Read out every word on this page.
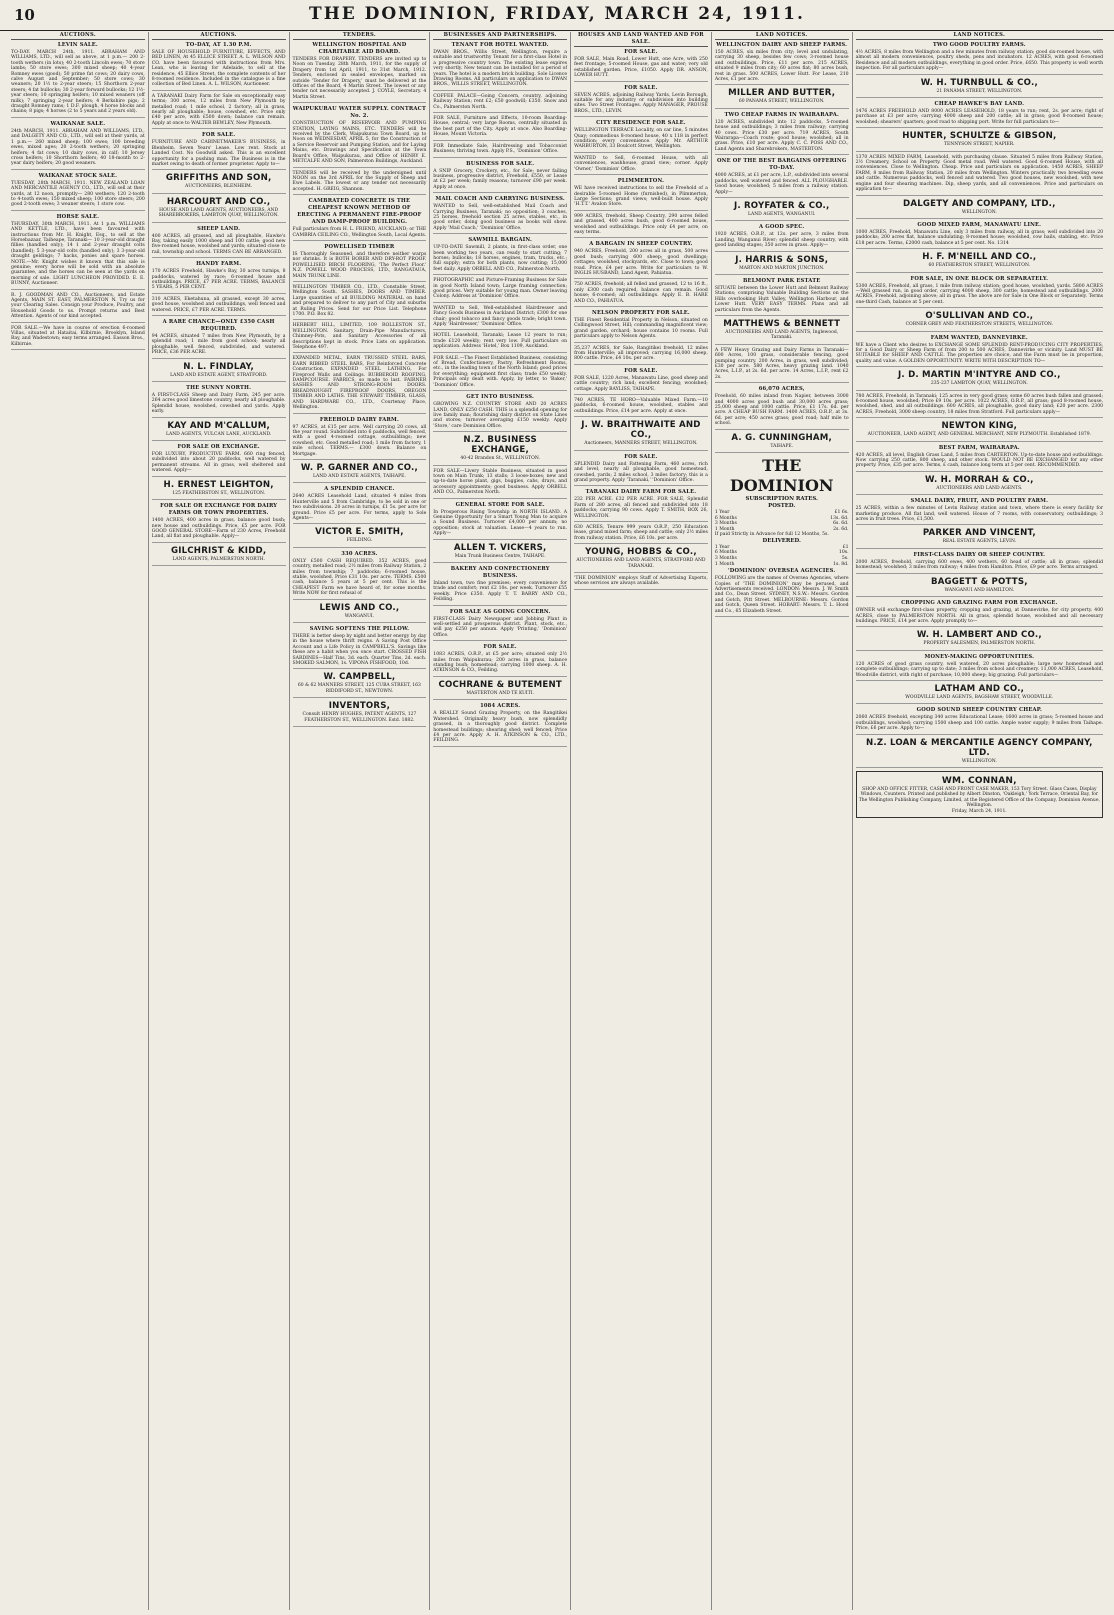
10	THE DOMINION, FRIDAY, MARCH 24, 1911.
AUCTIONS.
LEVIN SALE.

TO-DAY. MARCH 24th, 1911. ABRAHAM AND WILLIAMS, LTD., will sell as above, at 1 p.m.— 200 2-tooth wethers (in lots); 40 2-tooth Lincoln ewes; 70 store lambs; 50 store ewes; 300 mixed sheep; 40 4-year Romney ewes (good); 50 prime fat cows; 20 dairy cows, calve August and September; 50 store cows; 30 weaners; 20 1½ to 2-year steers; 15 Shorthorn 2-year steers; 4 fat bullocks; 30 2-year forward bullocks; 12 1½-year steers; 10 springing heifers; 10 mixed weaners (off milk); 7 springing 2-year heifers; 4 Berkshire pigs; 2 draught Romney rams; 1 D.F. plough, 4 horse blocks and chains; 8 pigs; 4 horses (2 to 5 years and 2 years old).

WAIKANAE SALE.

24th MARCH, 1911. ABRAHAM AND WILLIAMS, LTD., and DALGETY AND CO., LTD., will sell at their yards, at 1 p.m.— 260 mixed sheep; 100 ewes; 100 breeding ewes, mixed ages; 20 2-tooth wethers; 20 springing heifers; 4 fat cows; 10 dairy cows, in calf; 10 Jersey cross heifers; 10 Shorthorn heifers; 40 18-month to 2-year dairy heifers; 20 good weaners.

WAIKANAE STOCK SALE.

TUESDAY, 28th MARCH, 1911. NEW ZEALAND LOAN AND MERCANTILE AGENCY CO., LTD., will sell at their yards, at 12 noon, promptly— 280 wethers; 120 2-tooth to 4-tooth ewes; 150 mixed sheep; 100 store steers; 200 good 2-tooth ewes; 3 weaner steers; 1 store cow.

HORSE SALE.

THURSDAY, 30th MARCH, 1911. At 1 p.m. WILLIAMS AND KETTLE, LTD., have been favoured with instructions from Mr. H. Knight, Esq., to sell at the Horsebazaar, Taiheape, Taranaki— 10 3-year-old draught fillies (handled only); 14 1 and 2-year draught colts (handled); 5 3-year-old colts (handled only); 3 3-year-old draught geldings; 7 hacks, ponies and spare horses. NOTE.—Mr. Knight wishes it known that this sale is genuine; every horse will be sold with an absolute guarantee, and the horses can be seen at the yards on morning of sale. LIGHT LUNCHEON PROVIDED. E. E. BUNNY, Auctioneer.

R. J. GOODMAN AND CO., Auctioneers, and Estate Agents, MAIN ST. EAST, PALMERSTON N. Try us for your Clearing Sales. Consign your Produce, Poultry, and Household Goods to us. Prompt returns and Best Attention. Agents of our kind accepted.

FOR SALE.—We have in course of erection 6-roomed Villas, situated at Hataitai, Kilbirnie, Brooklyn, Island Bay, and Wadestown; easy terms arranged. Easson Bros., Kilbirnie.

AUCTIONS.
TO-DAY, AT 1.30 P.M.

SALE OF HOUSEHOLD FURNITURE, EFFECTS, AND BED LINEN, At 45 ELLICE STREET. A. L. WILSON AND CO. have been favoured with instructions from Mrs. Lean, who is leaving for Adelaide, to sell at the residence, 45 Ellice Street, the complete contents of her 8-roomed residence. Included in the catalogue is a fine collection of Bed Linen. A. L. WILSON, Auctioneer.

A TARANAKI Dairy Farm for Sale on exceptionally easy terms; 300 acres, 12 miles from New Plymouth by metalled road; 1 mile school, 2 factory; all in grass, nearly all ploughable; house, cowshed, etc. Price only £40 per acre, with £500 down; balance can remain. Apply at once to WALTER BEWLEY, New Plymouth.

FOR SALE.

FURNITURE AND CABINETMAKER'S BUSINESS, in Blenheim. Seven Years' Lease. Low rent. Stock at Landed Cost. No Goodwill asked. This is an excellent opportunity for a pushing man. The Business is in the market owing to death of former proprietor. Apply to—

GRIFFITHS AND SON,
AUCTIONEERS, BLENHEIM.
HARCOURT AND CO.,
HOUSE AND LAND AGENTS, AUCTIONEERS, AND SHAREBROKERS, LAMBTON QUAY, WELLINGTON.
SHEEP LAND.

400 ACRES, all grassed, and all ploughable, Hawke's Bay, taking easily 1000 sheep and 100 cattle; good new five-roomed house, woolshed and yards; situated close to rail, township and school. TERMS CAN BE ARRANGED.

HANDY FARM.

170 ACRES Freehold, Hawke's Bay, 30 acres turnips, 8 paddocks, watered by race; 6-roomed house and outbuildings. PRICE, £7 PER ACRE. TERMS, BALANCE 5 YEARS, 5 PER CENT.

310 ACRES, Eketahuna, all grassed, except 30 acres, good house, woolshed and outbuildings, well fenced and watered. PRICE, £7 PER ACRE. TERMS.

A RARE CHANCE—ONLY £350 CASH REQUIRED.

94 ACRES, situated 7 miles from New Plymouth, by a splendid road; 1 mile from good school; nearly all ploughable, well fenced, subdivided, and watered. PRICE, £36 PER ACRE.

N. L. FINDLAY,
LAND AND ESTATE AGENT, STRATFORD.
THE SUNNY NORTH.

A FIRST-CLASS Sheep and Dairy Farm, 245 per acre. 264 acres good limestone country, nearly all ploughable. Splendid house, woolshed, cowshed and yards. Apply early.

KAY AND M'CALLUM,
LAND AGENTS, VULCAN LANE, AUCKLAND.
FOR SALE OR EXCHANGE.

FOR LUXURY, PRODUCTIVE FARM. 660 ring fenced, subdivided into about 20 paddocks, well watered by permanent streams. All in grass, well sheltered and watered. Apply—

H. ERNEST LEIGHTON,
125 FEATHERSTON ST., WELLINGTON.
FOR SALE OR EXCHANGE FOR DAIRY FARMS OR TOWN PROPERTIES.

1400 ACRES, 400 acres in grass, balance good bush; new house and outbuildings. Price, £5 per acre. FOR GOOD GENERAL STORE—Farm of 230 Acres, Freehold Land, all flat and ploughable. Apply—

GILCHRIST & KIDD,
LAND AGENTS, PALMERSTON NORTH.
TENDERS.
WELLINGTON HOSPITAL AND CHARITABLE AID BOARD.

TENDERS FOR DRAPERY. TENDERS are invited up to Noon on Tuesday, 28th March, 1911, for the supply of Drapery from 1st April, 1911, to 31st March, 1912. Tenders, enclosed in sealed envelopes, marked on outside 'Tender for Drapery,' must be delivered at the Offices of the Board, 4 Martin Street. The lowest or any tender not necessarily accepted. J. COYLE, Secretary. 4 Martin Street.

WAIPUKURAU WATER SUPPLY. CONTRACT No. 2.

CONSTRUCTION OF RESERVOIR AND PUMPING STATION, LAYING MAINS, ETC. TENDERS will be received by the Clerk, Waipukurau Town Board, up to Noon on WEDNESDAY, APRIL 5, for the Construction of a Service Reservoir and Pumping Station, and for Laying Mains, etc. Drawings and Specification at the Town Board's Office, Waipukurau, and Office of HENRY E. METCALFE AND SON, Palmerston Buildings, Auckland.

TENDERS will be received by the undersigned until NOON on the 3rd APRIL for the Supply of Sheep and Ewe Labels. The lowest or any tender not necessarily accepted. H. GREIG, Shannon.

CAMBRATED CONCRETE IS THE CHEAPEST KNOWN METHOD OF ERECTING A PERMANENT FIRE-PROOF AND DAMP-PROOF BUILDING.

Full particulars from H. L. FRIEND, AUCKLAND; or THE CAMBRIA CEILING CO., Wellington South, Local Agents.

POWELLISED TIMBER

IS Thoroughly Seasoned, and therefore neither warps nor shrinks. It is BOTH BORER AND DRY-ROT PROOF. POWELLISED BIRCH FLOORING, 'The Perfect Floor.' N.Z. POWELL WOOD PROCESS, LTD., RANGATAUA, MAIN TRUNK LINE.

WELLINGTON TIMBER CO., LTD., Constable Street, Wellington South. SASHES, DOORS AND TIMBER. Large quantities of all BUILDING MATERIAL on hand and prepared to deliver to any part of City and suburbs at Ruling Prices. Send for our Price List. Telephone 1700. P.O. Box 82.

HERBERT HILL, LIMITED, 109 ROLLESTON ST., WELLINGTON. Sanitary, Drain-Pipe Manufacturers, Chimney-Pots, and Sanitary Accessories of all descriptions kept in stock. Price Lists on application. Telephone 497.

EXPANDED METAL, EARN TRUSSED STEEL BARS, EARN RIBBED STEEL BARS, For Reinforced Concrete Construction, EXPANDED STEEL LATHING, For Fireproof Walls and Ceilings. RUBBEROID ROOFING, DAMPCOURSE. FABRICS, so made to last. FAIRNER SASHES AND STRONG-ROOM DOORS. BREADNOUGHT FIREPROOF DOORS, OREGON TIMBER AND LATHS. THE STEWART TIMBER, GLASS, AND HARDWARE CO., LTD., Courtenay Place, Wellington.

FREEHOLD DAIRY FARM.

97 ACRES, at £15 per acre. Well carrying 20 cows, all the year round. Subdivided into 6 paddocks, well fenced, with a good 4-roomed cottage, outbuildings; new cowshed, etc. Good metalled road; 1 mile from factory, 1 mile school. TERMS.— £300 down. Balance on Mortgage.

W. P. GARNER AND CO.,
LAND AND ESTATE AGENTS, TAIHAPE.
A SPLENDID CHANCE.

2640 ACRES Leasehold Land, situated 4 miles from Hunterville and 5 from Cambridge, to be sold in one or two subdivisions. 20 acres in turnips, £1 5s. per acre for ground. Price £5 per acre. For terms, apply to Sole Agents—

VICTOR E. SMITH,
FEILDING.
330 ACRES.

ONLY £500 CASH REQUIRED. 352 ACRES, good country, metalled road; 2½ miles from Railway Station, 2 miles from township; 7 paddocks; 6-roomed house, stable, woolshed. Price £31 10s. per acre. TERMS. £500 cash, balance 5 years at 5 per cent. This is the CHEAPEST Farm we have heard of, for some months. Write NOW for first refusal of

LEWIS AND CO.,
WANGANUI.
SAVING SOFTENS THE PILLOW.

THERE is better sleep by night and better energy by day in the house where thrift reigns. A Saving Post Office Account and a Life Policy in CAMPBELL'S. Savings like these are a habit when you once start. CROSSED FISH SARDINES—Half Tins, 3d. each. Quarter Tins, 2d. each. SMOKED SALMON, 1s. VIPONA FISHFOOD, 10d.

W. CAMPBELL,
60 & 62 MANNERS STREET, 125 CUBA STREET, 163 RIDDIFORD ST., NEWTOWN.
INVENTORS,
Consult HENRY HUGHES, PATENT AGENTS, 127 FEATHERSTON ST., WELLINGTON. Estd. 1882.
BUSINESSES AND PARTNERSHIPS.
TENANT FOR HOTEL WANTED.

DWAN BROS., Willis Street, Wellington, require a suitable and trustworthy Tenant for a first-class Hotel in a progressive country town. The existing lease expires very shortly. New tenant can be installed for a period of years. The hotel is a modern brick building. Sole Licence Drawing Rooms. All particulars on application to DWAN BROS., WILLIS STREET, WELLINGTON.

COFFEE PALACE—Going Concern, country, adjoining Railway Station; rent £2; £50 goodwill; £350. Snow and Co., Palmerston North.

FOR SALE, Furniture and Effects, 10-room Boarding-House, central; very large Rooms, centrally situated in the best part of the City. Apply at once. Also Boarding-House, Mount Victoria.

FOR Immediate Sale, Hairdressing and Tobacconist Business; thriving town. Apply P.S., 'Dominion' Office.

BUSINESS FOR SALE.

A SNIP Grocery, Crockery, etc., for Sale; never failing business, progressive district, Freehold, £550, or Lease at £2 per week; family reasons; turnover £90 per week. Apply at once.

MAIL COACH AND CARRYING BUSINESS.

WANTED to Sell, well-established Mail Coach and Carrying Business, Taranaki; no opposition; 3 coaches, 25 horses, freehold section 25 acres, stables, etc., in good order, doing good business as books will show. Apply 'Mail Coach,' 'Dominion' Office.

SAWMILL BARGAIN.

UP-TO-DATE Sawmill, 2 plants, in first-class order, one been working two years, can ready to start cutting; 7 horses; bullocks; 18 horses, engines, tram, trucks, etc.; full supply; extra for both plants, now cutting; 15,000 feet daily. Apply ORBELL AND CO., Palmerston North.

PHOTOGRAPHIC and Picture-Framing Business for Sale in good North Island town; Large framing connection; good prices. Very suitable for young man. Owner leaving Colony. Address at 'Dominion' Office.

WANTED to Sell, Well-established Hairdresser and Fancy Goods Business in Auckland District; £300 for one chair; good tobacco and fancy goods trade; bright town. Apply 'Hairdresser,' 'Dominion' Office.

HOTEL Leasehold, Taranaki; Lease 12 years to run; trade £120 weekly; rent very low. Full particulars on application. Address 'Hotel,' Box 1109, Auckland.

FOR SALE.—The Finest Established Business, consisting of Bread, Confectionery, Pastry, Refreshment Rooms, etc., in the leading town of the North Island; good prices for everything; equipment first class; trade £50 weekly. Principals only dealt with. Apply, by letter, to 'Baker,' 'Dominion' Office.

GET INTO BUSINESS.

GROWING N.Z. COUNTRY STORE AND 20 ACRES LAND, ONLY £250 CASH. THIS is a splendid opening for live family man; flourishing dairy district on State Lines and stores; turnover averaging £150 weekly. Apply 'Store,' care Dominion Office.

N.Z. BUSINESS EXCHANGE,
40-42 Brandon St., WELLINGTON.

FOR SALE—Livery Stable Business, situated in good town on Main Trunk; 13 stalls; 3 loose-boxes; new and up-to-date horse plant, gigs, buggies, cabs, drays, and accessory appointments; good business. Apply ORBELL AND CO., Palmerston North.

GENERAL STORE FOR SALE.

In Prosperous Rising Township in NORTH ISLAND. A Genuine Opportunity for a Smart Young Man to acquire a Sound Business. Turnover £4,000 per annum; no opposition; stock at valuation. Lease—4 years to run. Apply—

ALLEN T. VICKERS,
Main Trunk Business Centre, TAIHAPE.
BAKERY AND CONFECTIONERY BUSINESS.

Inland town, two fine premises; every convenience for trade and comfort; rent £2 10s. per week. Turnover £55 weekly. Price £350. Apply T. T. BARRY AND CO., Feilding.

FOR SALE AS GOING CONCERN.

FIRST-CLASS Dairy Newspaper and Jobbing Plant in well-settled and prosperous district. Plant, stock, etc., will pay £250 per annum. Apply 'Printing,' 'Dominion' Office.

FOR SALE.

1083 ACRES, O.R.P., at £5 per acre; situated only 2½ miles from Waipukurau; 200 acres in grass, balance standing bush; homestead; carrying 1000 sheep. A. H. ATKINSON & CO., Feilding.

COCHRANE & BUTEMENT
MASTERTON AND TE KUITI.
1084 ACRES.

A REALLY Sound Grazing Property, on the Rangitikei Watershed. Originally heavy bush, now splendidly grassed, in a thoroughly good district. Complete homestead buildings; shearing shed; well fenced; Price £4 per acre. Apply A. H. ATKINSON & CO., LTD., FEILDING.

HOUSES AND LAND WANTED AND FOR SALE.
FOR SALE.

FOR SALE, Main Road, Lower Hutt, one Acre, with 250 feet frontage; 5-roomed House, gas and water; very old established garden. Price, £1050. Apply DR. ANSON, LOWER HUTT.

FOR SALE.

SEVEN ACRES, adjoining Railway Yards, Levin Borough, suitable for any industry or subdivision into building sites. Two Street Frontages. Apply MANAGER, PROUSE BROS., LTD., LEVIN.

CITY RESIDENCE FOR SALE.

WELLINGTON TERRACE Locality, on car line, 5 minutes Quay; commodious 8-roomed house, 40 x 118 in perfect condition; every convenience. Apply Mr. ARTHUR WARBURTON, 33 Boulcott Street, Wellington.

WANTED to Sell, 6-roomed House, with all conveniences, washhouse, grand view; corner. Apply 'Owner,' 'Dominion' Office.

PLIMMERTON.

WE have received instructions to sell the Freehold of a desirable 5-roomed Home (furnished), in Plimmerton, Large Sections; grand views; well-built house. Apply 'H.T.T.' Avalon Store.

999 ACRES, freehold, Sheep Country, 290 acres felled and grassed, 400 acres bush, good 6-roomed house, woolshed and outbuildings. Price only £4 per acre, on easy terms.

A BARGAIN IN SHEEP COUNTRY.

940 ACRES, Freehold, 200 acres all in grass, 500 acres good bush; carrying 600 sheep; good dwellings; cottages; woolshed, stockyards, etc. Close to town; good road. Price, £4 per acre. Write for particulars to W. INGLIS HUSBAND, Land Agent, Pahiatua.

750 ACRES, freehold; all felled and grassed, 12 to 16 ft., only £300 cash required, balance can remain. Good house; 6-roomed; all outbuildings. Apply E. B. HARE AND CO., PAHIATUA.

NELSON PROPERTY FOR SALE.

THE Finest Residential Property in Nelson, situated on Collingwood Street, Hill; commanding magnificent view; grand garden, orchard; house contains 10 rooms. Full particulars apply to Nelson Agents.

35,237 ACRES, for Sale, Rangitikei freehold, 12 miles from Hunterville; all improved; carrying 16,000 sheep, 800 cattle. Price, £4 10s. per acre.

FOR SALE.

FOR SALE, 1220 Acres, Manawatu Line, good sheep and cattle country; rich land; excellent fencing; woolshed; cottage. Apply BAYLISS, TAIHAPE.

740 ACRES, TE HORO—Valuable Mixed Farm.—10 paddocks, 6-roomed house, woolshed, stables and outbuildings. Price, £14 per acre. Apply at once.

J. W. BRAITHWAITE AND CO.,
Auctioneers, MANNERS STREET, WELLINGTON.
FOR SALE.

SPLENDID Dairy and Fattening Farm, 460 acres, rich and level, nearly all ploughable, good homestead, cowshed, yards; 2 miles school, 3 miles factory; this is a grand property. Apply 'Taranaki,' 'Dominion' Office.

TARANAKI DAIRY FARM FOR SALE.

232 PER ACRE. £32 PER ACRE. FOR SALE, Splendid Farm of 280 acres, all fenced and subdivided into 18 paddocks; carrying 90 cows. Apply T. SMITH, BOX 26, WELLINGTON.

630 ACRES, Tenure 999 years O.R.P., 250 Education lease, grand mixed farm; sheep and cattle; only 2½ miles from railway station. Price, £6 10s. per acre.

YOUNG, HOBBS & CO.,
AUCTIONEERS AND LAND AGENTS, STRATFORD AND TARANAKI.

'THE DOMINION' employs Staff of Advertising Experts, whose services are always available.

LAND NOTICES.
WELLINGTON DAIRY AND SHEEP FARMS.

150 ACRES, six miles from city; level and undulating, carrying 30 sheep, besides few cows; 3-roomed house and outbuildings. Price, £11 per acre. 215 ACRES, situated 9 miles from city; 60 acres flat; 80 acres bush, rest in grass. 500 ACRES, Lower Hutt. For Lease, 210 Acres, £1 per acre.

MILLER AND BUTTER,
60 PANAMA STREET, WELLINGTON.
TWO CHEAP FARMS IN WAIRARAPA.

120 ACRES, subdivided into 12 paddocks, 5-roomed house and outbuildings; 3 miles from railway; carrying 40 cows. Price £30 per acre. 719 ACRES, South Wairarapa—Coach route; good house; woolshed; all in grass. Price, £10 per acre. Apply C. C. POSS AND CO., Land Agents and Sharebrokers, MASTERTON.

ONE OF THE BEST BARGAINS OFFERING TO-DAY.

4000 ACRES, at £1 per acre, L.P., subdivided into several paddocks, well watered and fenced. ALL PLOUGHABLE. Good house; woolshed; 5 miles from a railway station. Apply—

J. ROYFATER & CO.,
LAND AGENTS, WANGANUI.
A GOOD SPEC.

1920 ACRES, O.R.P., at 12s. per acre, 3 miles from Landing, Wanganui River; splendid sheep country, with good landing stages; 350 acres in grass. Apply—

J. HARRIS & SONS,
MARTON AND MARTON JUNCTION.
BELMONT PARK ESTATE

SITUATE between the Lower Hutt and Belmont Railway Stations; comprising Valuable Building Sections on the Hills overlooking Hutt Valley, Wellington Harbour, and Lower Hutt. VERY EASY TERMS. Plans and all particulars from the Agents.

MATTHEWS & BENNETT
AUCTIONEERS AND LAND AGENTS, Inglewood, Taranaki.

A FEW Heavy Grazing and Dairy Farms in Taranaki— 600 Acres, 100 grass, considerable fencing, good pumping country. 200 Acres, in grass, well subdivided; £30 per acre. 580 Acres, heavy grazing land. 1040 Acres, L.I.P., at 2s. 6d. per acre. 14 Acres, L.I.P., rent £2 2s.

66,070 ACRES,

Freehold, 60 miles inland from Napier, between 3000 and 4000 acres good bush and 30,000 acres grass; 25,000 sheep and 1000 cattle. Price, £1 17s. 6d. per acre. A CHEAP BUSH FARM. 1400 ACRES, O.R.P., at 3s. 6d. per acre; 450 acres grass; good road; half mile to school.

A. G. CUNNINGHAM,
TAIHAPE.
THE DOMINION
SUBSCRIPTION RATES.
POSTED.
1 Year	£1 6s.
6 Months	13s. 6d.
3 Months	6s. 6d.
1 Month	2s. 6d.

If paid Strictly in Advance for full 12 Months, 5s.

DELIVERED.
1 Year	£1
6 Months	10s.
3 Months	5s.
1 Month	1s. 8d.
'DOMINION' OVERSEA AGENCIES.

FOLLOWING are the names of Oversea Agencies, where Copies of 'THE DOMINION' may be perused, and Advertisements received. LONDON: Messrs. J. W. Smith and Co., Dean Street. SYDNEY, N.S.W.: Messrs. Gordon and Gotch, Pitt Street. MELBOURNE: Messrs. Gordon and Gotch, Queen Street. HOBART: Messrs. T. L. Hood and Co., 65 Elizabeth Street.

LAND NOTICES.
TWO GOOD POULTRY FARMS.

4½ ACRES, 8 miles from Wellington and a few minutes from railway station; good six-roomed house, with almost all modern conveniences, poultry sheds, pens and incubators. 12 ACRES, with good 6-roomed Residence and all modern outbuildings, everything in good order. Price, £650. This property is well worth inspection. For all particulars apply—

W. H. TURNBULL & CO.,
21 PANAMA STREET, WELLINGTON.
CHEAP HAWKE'S BAY LAND.

1476 ACRES FREEHOLD AND 8000 ACRES LEASEHOLD, 18 years to run; rent, 2s. per acre; right of purchase at £3 per acre; carrying 4000 sheep and 200 cattle; all in grass; good 8-roomed house; woolshed; shearers' quarters; good road to shipping port. Write for full particulars to—

HUNTER, SCHULTZE & GIBSON,
TENNYSON STREET, NAPIER.

1370 ACRES MIXED FARM, Leasehold, with purchasing clause. Situated 5 miles from Railway Station, 2½ Creamery, School on Property. Good metal road. Well watered. Good 6-roomed House, with all conveniences. Close to Wellington. Cheap. Price and particulars on application. 1450 ACRES, SHEEP FARM, 8 miles from Railway Station, 20 miles from Wellington. Winters practically two breeding ewes and cattle. Numerous paddocks, well fenced and watered. Two good houses, new woolshed, with new engine and four shearing machines. Dip, sheep yards, and all conveniences. Price and particulars on application to—

DALGETY AND COMPANY, LTD.,
WELLINGTON.
GOOD MIXED FARM, MANAWATU LINE.

1000 ACRES, Freehold, Manawatu Line, only 3 miles from railway, all in grass; well subdivided into 20 paddocks; 200 acres flat, balance undulating; 8-roomed house; woolshed, cow bails, stabling, etc. Price £18 per acre. Terms, £2000 cash, balance at 5 per cent. No. 1314

H. F. M'NEILL AND CO.,
60 FEATHERSTON STREET, WELLINGTON.
FOR SALE, IN ONE BLOCK OR SEPARATELY.

5300 ACRES, Freehold, all grass, 1 mile from railway station; good house, woolshed, yards. 5800 ACRES—Well grassed run, in good order, carrying 4000 sheep, 300 cattle; homestead and outbuildings. 2000 ACRES, Freehold, adjoining above; all in grass. The above are for Sale in One Block or Separately. Terms one-third Cash, balance at 5 per cent.

O'SULLIVAN AND CO.,
CORNER GREY AND FEATHERSTON STREETS, WELLINGTON.
FARM WANTED, DANNEVIRKE.

WE have a Client who desires to EXCHANGE SOME SPLENDID RENT-PRODUCING CITY PROPERTIES, for a Good Dairy or Sheep Farm of from 200 to 500 ACRES, Dannevirke or vicinity. Land MUST BE SUITABLE for SHEEP AND CATTLE. The properties are choice, and the Farm must be in proportion, quality and value. A GOLDEN OPPORTUNITY. WRITE WITH DESCRIPTION TO—

J. D. MARTIN M'INTYRE AND CO.,
235-237 LAMBTON QUAY, WELLINGTON.

780 ACRES, Freehold, in Taranaki; 125 acres in very good grass; some 60 acres bush fallen and grassed; 6-roomed house, woolshed; Price £9 10s. per acre. 1022 ACRES, O.R.P., all grass; good 8-roomed house, woolshed, shed, and all outbuildings. 600 ACRES, all ploughable, good dairy land; £20 per acre. 2300 ACRES, Freehold, 3000 sheep country, 18 miles from Stratford. Full particulars apply—

NEWTON KING,
AUCTIONEER, LAND AGENT, AND GENERAL MERCHANT, NEW PLYMOUTH. Established 1879.
BEST FARM, WAIRARAPA.

420 ACRES, all level, English Grass Land, 5 miles from CARTERTON. Up-to-date house and outbuildings. Now carrying 250 cattle, 800 sheep, and other stock. WOULD NOT BE EXCHANGED for any other property. Price, £35 per acre. Terms, £ cash, balance long term at 5 per cent. RECOMMENDED.

W. H. MORRAH & CO.,
AUCTIONEERS AND LAND AGENTS.
SMALL DAIRY, FRUIT, AND POULTRY FARM.

25 ACRES, within a few minutes of Levin Railway station and town, where there is every facility for marketing produce. All flat land, well watered. House of 7 rooms, with conservatory, outbuildings; 3 acres in fruit trees. Price, £1,500.

PARKER AND VINCENT,
REAL ESTATE AGENTS, LEVIN.
FIRST-CLASS DAIRY OR SHEEP COUNTRY.

2000 ACRES, freehold, carrying 600 ewes, 400 wethers, 60 head of cattle; all in grass; splendid homestead; woolshed; 3 miles from railway; 4 miles from Hamilton. Price, £9 per acre. Terms arranged.

BAGGETT & POTTS,
WANGANUI AND HAMILTON.
CROPPING AND GRAZING FARM FOR EXCHANGE.

OWNER will exchange first-class property, cropping and grazing, at Dannevirke, for city property. 400 ACRES, close to PALMERSTON NORTH. All in grass, splendid house, woolshed and all necessary buildings. PRICE, £14 per acre. Apply promptly to—

W. H. LAMBERT AND CO.,
PROPERTY SALESMEN, PALMERSTON NORTH.
MONEY-MAKING OPPORTUNITIES.

120 ACRES of good grass country, well watered, 20 acres ploughable; large new homestead and complete outbuildings; carrying up to date; 3 miles from school and creamery. 11,000 ACRES, Leasehold, Woodville district, with right of purchase; 10,000 sheep; big grazing. Full particulars—

LATHAM AND CO.,
WOODVILLE LAND AGENTS, BAGSHAW STREET, WOODVILLE.
GOOD SOUND SHEEP COUNTRY CHEAP.

2060 ACRES freehold, excepting 340 acres Educational Lease; 1600 acres in grass; 5-roomed house and outbuildings, woolshed; carrying 1500 sheep and 100 cattle. Ample water supply; 9 miles from Taihape. Price, £6 per acre. Apply to—

N.Z. LOAN & MERCANTILE AGENCY COMPANY, LTD.
WELLINGTON.
WM. CONNAN,

SHOP AND OFFICE FITTER, CASH AND FRONT CASE MAKER, 153 Tory Street. Glass Cases, Display Windows, Counters. Printed and published by Albert Dinston, 'Oakleigh,' York Terrace, Oriental Bay, for The Wellington Publishing Company, Limited, at the Registered Office of the Company, Dominion Avenue, Wellington.

Friday, March 24, 1911.
